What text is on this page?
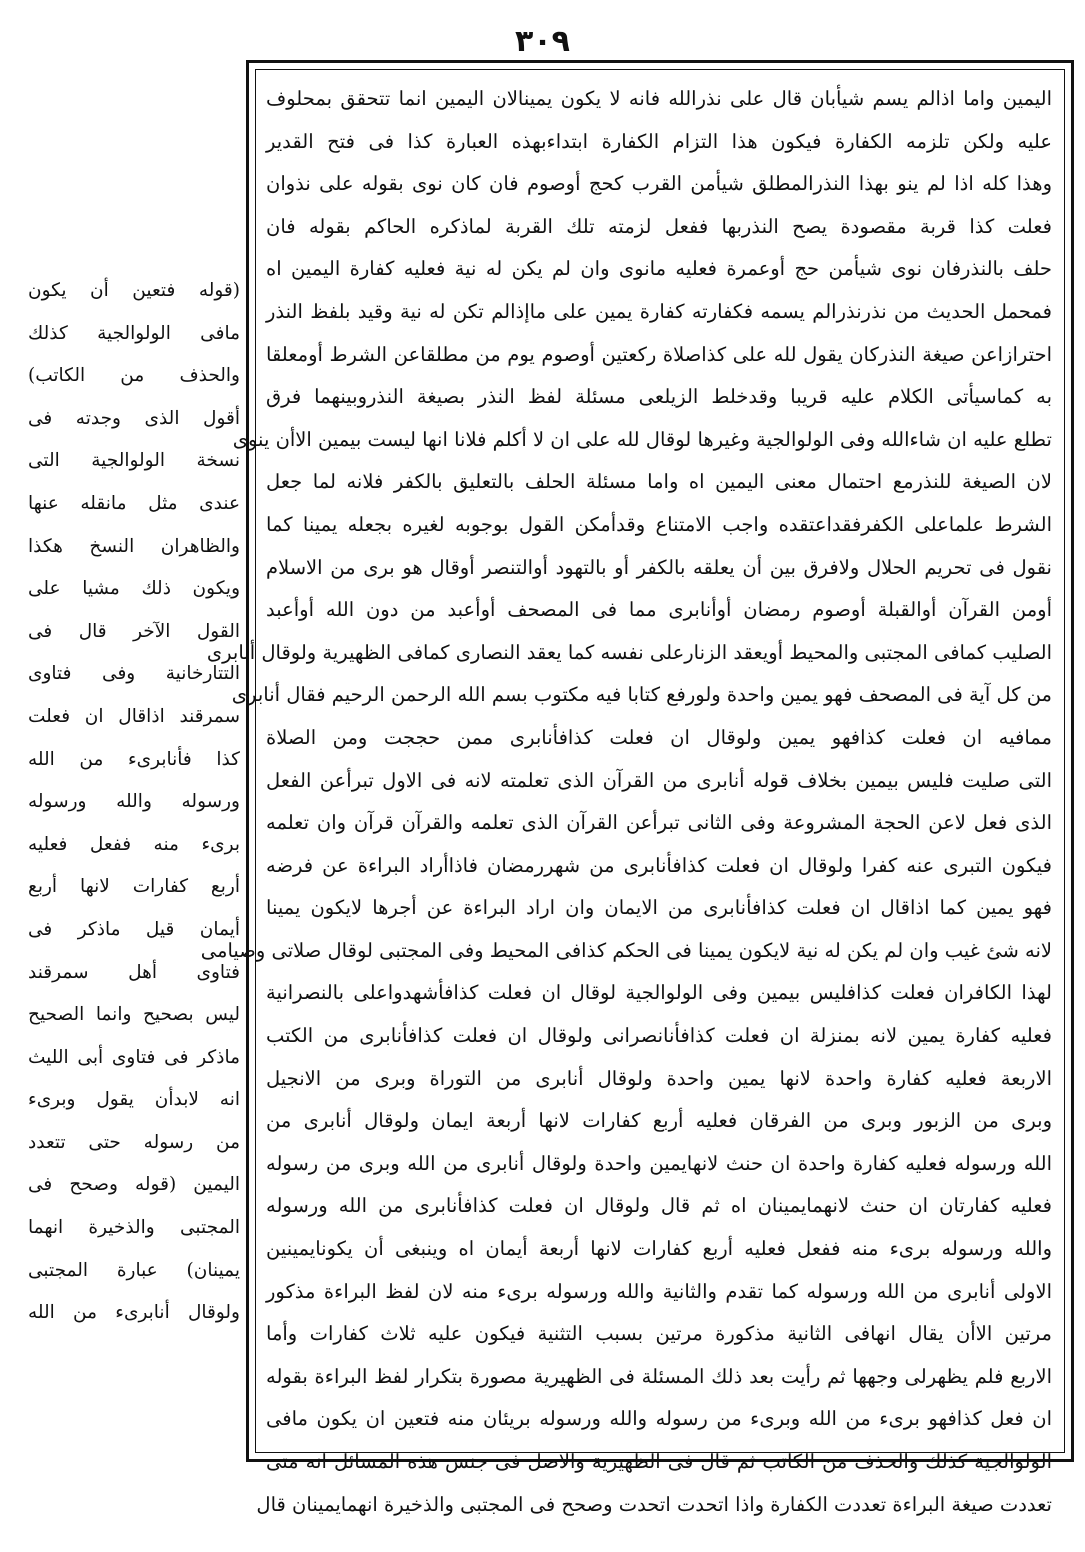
٣٠٩
اليمين واما اذالم يسم شيأبان قال على نذرالله فانه لا يكون يمينالان اليمين انما تتحقق بمحلوف
عليه ولكن تلزمه الكفارة فيكون هذا التزام الكفارة ابتداءبهذه العبارة كذا فى فتح القدير
وهذا كله اذا لم ينو بهذا النذرالمطلق شيأمن القرب كحج أوصوم فان كان نوى بقوله على نذوان
فعلت كذا قربة مقصودة يصح النذربها ففعل لزمته تلك القربة لماذكره الحاكم بقوله فان
حلف بالنذرفان نوى شيأمن حج أوعمرة فعليه مانوى وان لم يكن له نية فعليه كفارة اليمين اه
فمحمل الحديث من نذرنذرالم يسمه فكفارته كفارة يمين على ماإذالم تكن له نية وقيد بلفظ النذر
احترازاعن صيغة النذركان يقول لله على كذاصلاة ركعتين أوصوم يوم من مطلقاعن الشرط أومعلقا
به كماسيأتى الكلام عليه قريبا وقدخلط الزيلعى مسئلة لفظ النذر بصيغة النذروبينهما فرق
تطلع عليه ان شاءالله وفى الولوالجية وغيرها لوقال لله على ان لا أكلم فلانا انها ليست بيمين الاأن ينوى
لان الصيغة للنذرمع احتمال معنى اليمين اه واما مسئلة الحلف بالتعليق بالكفر فلانه لما جعل
الشرط علماعلى الكفرفقداعتقده واجب الامتناع وقدأمكن القول بوجوبه لغيره بجعله يمينا كما
نقول فى تحريم الحلال ولافرق بين أن يعلقه بالكفر أو بالتهود أوالتنصر أوقال هو برى من الاسلام
أومن القرآن أوالقبلة أوصوم رمضان أوأنابرى مما فى المصحف أوأعبد من دون الله أوأعبد
الصليب كمافى المجتبى والمحيط أويعقد الزنارعلى نفسه كما يعقد النصارى كمافى الظهيرية ولوقال أنابرى
من كل آية فى المصحف فهو يمين واحدة ولورفع كتابا فيه مكتوب بسم الله الرحمن الرحيم فقال أنابرى
ممافيه ان فعلت كذافهو يمين ولوقال ان فعلت كذافأنابرى ممن حججت ومن الصلاة
التى صليت فليس بيمين بخلاف قوله أنابرى من القرآن الذى تعلمته لانه فى الاول تبرأعن الفعل
الذى فعل لاعن الحجة المشروعة وفى الثانى تبرأعن القرآن الذى تعلمه والقرآن قرآن وان تعلمه
فيكون التبرى عنه كفرا ولوقال ان فعلت كذافأنابرى من شهررمضان فاذاأراد البراءة عن فرضه
فهو يمين كما اذاقال ان فعلت كذافأنابرى من الايمان وان اراد البراءة عن أجرها لايكون يمينا
لانه شئ غيب وان لم يكن له نية لايكون يمينا فى الحكم كذافى المحيط وفى المجتبى لوقال صلاتى وصيامى
لهذا الكافران فعلت كذافليس بيمين وفى الولوالجية لوقال ان فعلت كذافأشهدواعلى بالنصرانية
فعليه كفارة يمين لانه بمنزلة ان فعلت كذافأنانصرانى ولوقال ان فعلت كذافأنابرى من الكتب
الاربعة فعليه كفارة واحدة لانها يمين واحدة ولوقال أنابرى من التوراة وبرى من الانجيل
وبرى من الزبور وبرى من الفرقان فعليه أربع كفارات لانها أربعة ايمان ولوقال أنابرى من
الله ورسوله فعليه كفارة واحدة ان حنث لانهايمين واحدة ولوقال أنابرى من الله وبرى من رسوله
فعليه كفارتان ان حنث لانهمايمينان اه ثم قال ولوقال ان فعلت كذافأنابرى من الله ورسوله
والله ورسوله برىء منه ففعل فعليه أربع كفارات لانها أربعة أيمان اه وينبغى أن يكونايمينين
الاولى أنابرى من الله ورسوله كما تقدم والثانية والله ورسوله برىء منه لان لفظ البراءة مذكور
مرتين الاأن يقال انهافى الثانية مذكورة مرتين بسبب التثنية فيكون عليه ثلاث كفارات وأما
الاربع فلم يظهرلى وجهها ثم رأيت بعد ذلك المسئلة فى الظهيرية مصورة بتكرار لفظ البراءة بقوله
ان فعل كذافهو برىء من الله وبرىء من رسوله والله ورسوله بريئان منه فتعين ان يكون مافى
الولوالجية كذلك والحذف من الكاتب ثم قال فى الظهيرية والاصل فى جنس هذه المسائل انه متى
تعددت صيغة البراءة تعددت الكفارة واذا اتحدت اتحدت وصحح فى المجتبى والذخيرة انهمايمينان قال
(قوله فتعين أن يكون
مافى الولوالجية كذلك
والحذف من الكاتب)
أقول الذى وجدته فى
نسخة الولوالجية التى
عندى مثل مانقله عنها
والظاهران النسخ هكذا
ويكون ذلك مشيا على
القول الآخر قال فى
التتارخانية وفى فتاوى
سمرقند اذاقال ان فعلت
كذا فأنابرىء من الله
ورسوله والله ورسوله
برىء منه ففعل فعليه
أربع كفارات لانها أربع
أيمان قيل ماذكر فى
فتاوى أهل سمرقند
ليس بصحيح وانما الصحيح
ماذكر فى فتاوى أبى الليث
انه لابدأن يقول وبرىء
من رسوله حتى تتعدد
اليمين (قوله وصحح فى
المجتبى والذخيرة انهما
يمينان) عبارة المجتبى
ولوقال أنابرىء من الله
